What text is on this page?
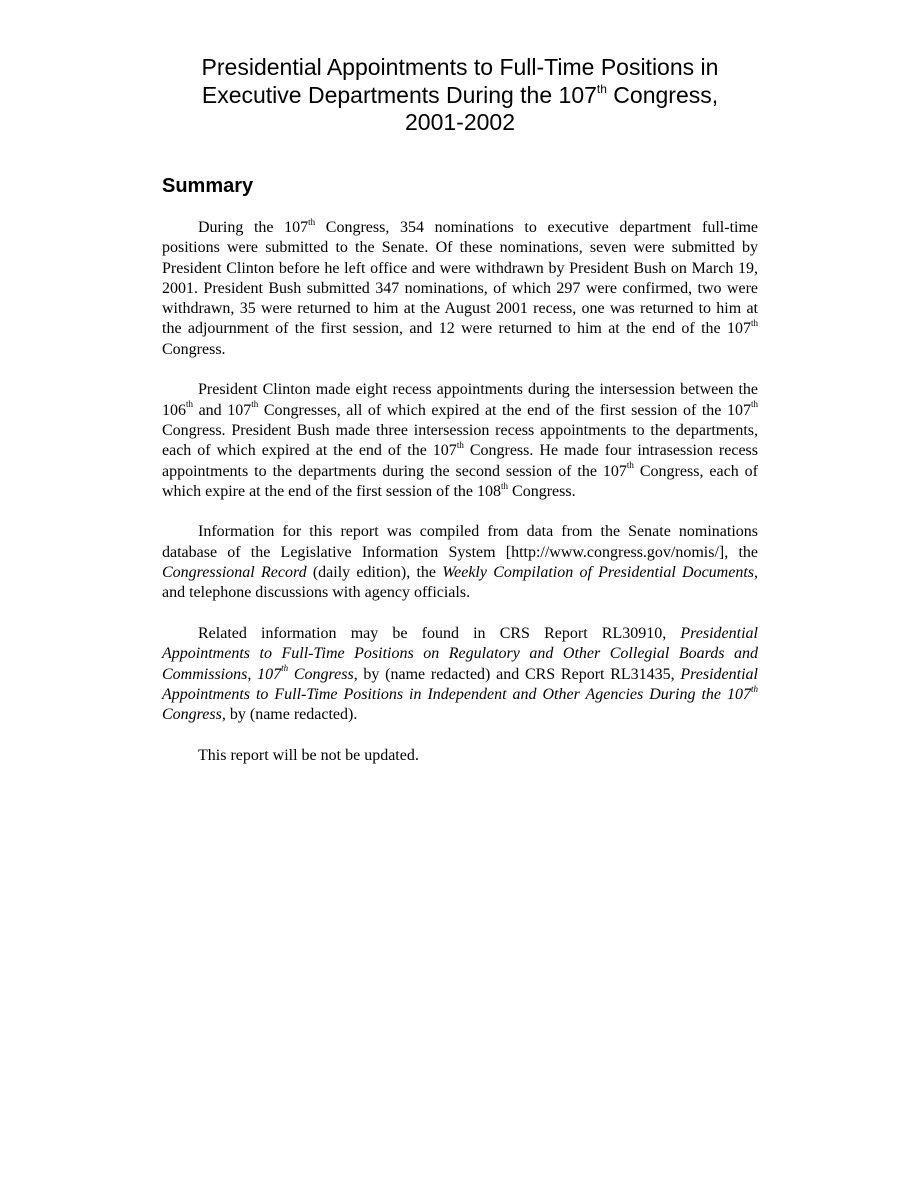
Presidential Appointments to Full-Time Positions in
Executive Departments During the 107th Congress,
2001-2002
Summary

During the 107th Congress, 354 nominations to executive department full-time positions were submitted to the Senate. Of these nominations, seven were submitted by President Clinton before he left office and were withdrawn by President Bush on March 19, 2001. President Bush submitted 347 nominations, of which 297 were confirmed, two were withdrawn, 35 were returned to him at the August 2001 recess, one was returned to him at the adjournment of the first session, and 12 were returned to him at the end of the 107th Congress.

President Clinton made eight recess appointments during the intersession between the 106th and 107th Congresses, all of which expired at the end of the first session of the 107th Congress. President Bush made three intersession recess appointments to the departments, each of which expired at the end of the 107th Congress. He made four intrasession recess appointments to the departments during the second session of the 107th Congress, each of which expire at the end of the first session of the 108th Congress.

Information for this report was compiled from data from the Senate nominations database of the Legislative Information System [http://www.congress.gov/nomis/], the Congressional Record (daily edition), the Weekly Compilation of Presidential Documents, and telephone discussions with agency officials.

Related information may be found in CRS Report RL30910, Presidential Appointments to Full-Time Positions on Regulatory and Other Collegial Boards and Commissions, 107th Congress, by (name redacted) and CRS Report RL31435, Presidential Appointments to Full-Time Positions in Independent and Other Agencies During the 107th Congress, by (name redacted).

This report will be not be updated.
